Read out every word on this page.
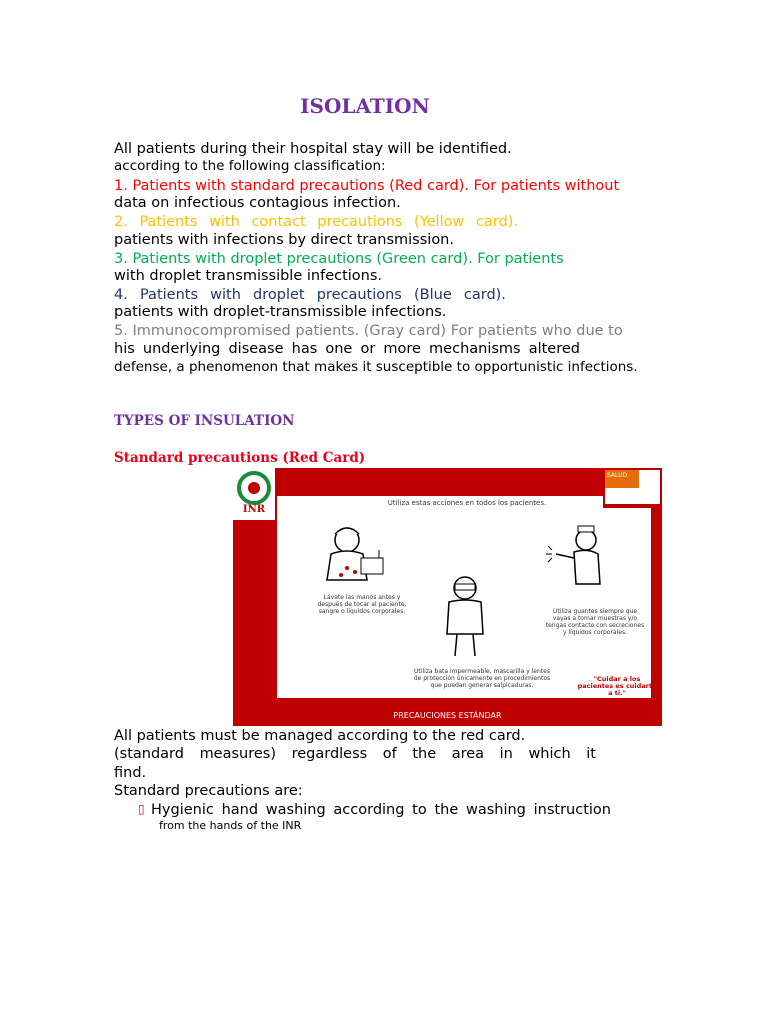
ISOLATION
All patients during their hospital stay will be identified.
according to the following classification:
1. Patients with standard precautions (Red card). For patients without
data on infectious contagious infection.
2. Patients with contact precautions (Yellow card).
patients with infections by direct transmission.
3. Patients with droplet precautions (Green card). For patients
with droplet transmissible infections.
4. Patients with droplet precautions (Blue card).
patients with droplet-transmissible infections.
5. Immunocompromised patients. (Gray card) For patients who due to
his underlying disease has one or more mechanisms altered
defense, a phenomenon that makes it susceptible to opportunistic infections.
TYPES OF INSULATION
Standard precautions (Red Card)
Utiliza estas acciones en todos los pacientes.
Lávate las manos antes y después de tocar al paciente, sangre o líquidos corporales.
Utiliza bata impermeable, mascarilla y lentes de protección únicamente en procedimientos que puedan generar salpicaduras.
Utiliza guantes siempre que vayas a tomar muestras y/o tengas contacto con secreciones y líquidos corporales.
"Cuidar a los pacientes es cuidarte a ti."
INR
SALUD
PRECAUCIONES ESTÁNDAR
All patients must be managed according to the red card.
(standard measures) regardless of the area in which it
find.
Standard precautions are:
▯ Hygienic hand washing according to the washing instruction
from the hands of the INR
